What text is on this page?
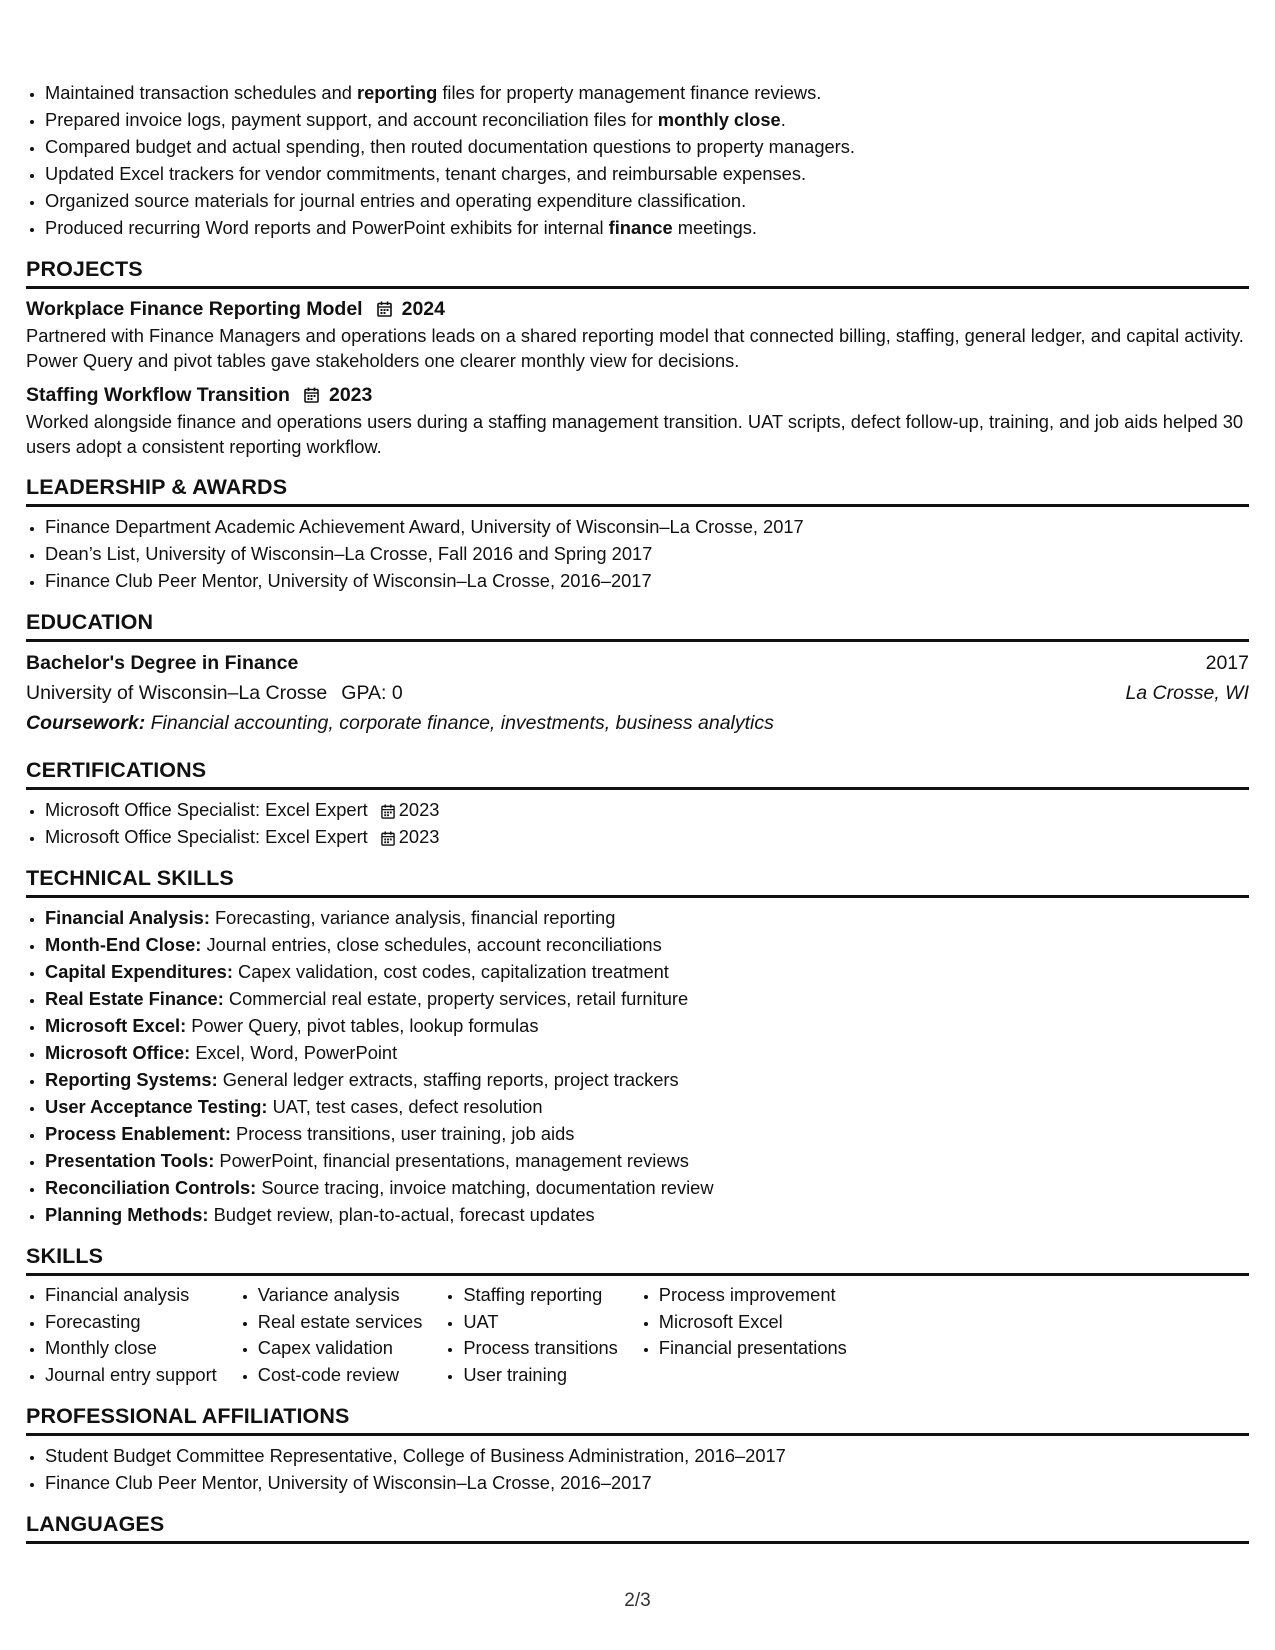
• Maintained transaction schedules and reporting files for property management finance reviews.
• Prepared invoice logs, payment support, and account reconciliation files for monthly close.
• Compared budget and actual spending, then routed documentation questions to property managers.
• Updated Excel trackers for vendor commitments, tenant charges, and reimbursable expenses.
• Organized source materials for journal entries and operating expenditure classification.
• Produced recurring Word reports and PowerPoint exhibits for internal finance meetings.
PROJECTS
Workplace Finance Reporting Model 2024
Partnered with Finance Managers and operations leads on a shared reporting model that connected billing, staffing, general ledger, and capital activity. Power Query and pivot tables gave stakeholders one clearer monthly view for decisions.
Staffing Workflow Transition 2023
Worked alongside finance and operations users during a staffing management transition. UAT scripts, defect follow-up, training, and job aids helped 30 users adopt a consistent reporting workflow.
LEADERSHIP & AWARDS
• Finance Department Academic Achievement Award, University of Wisconsin–La Crosse, 2017
• Dean’s List, University of Wisconsin–La Crosse, Fall 2016 and Spring 2017
• Finance Club Peer Mentor, University of Wisconsin–La Crosse, 2016–2017
EDUCATION
Bachelor's Degree in Finance	2017
University of Wisconsin–La Crosse GPA: 0	La Crosse, WI
Coursework: Financial accounting, corporate finance, investments, business analytics
CERTIFICATIONS
• Microsoft Office Specialist: Excel Expert 2023
• Microsoft Office Specialist: Excel Expert 2023
TECHNICAL SKILLS
• Financial Analysis: Forecasting, variance analysis, financial reporting
• Month-End Close: Journal entries, close schedules, account reconciliations
• Capital Expenditures: Capex validation, cost codes, capitalization treatment
• Real Estate Finance: Commercial real estate, property services, retail furniture
• Microsoft Excel: Power Query, pivot tables, lookup formulas
• Microsoft Office: Excel, Word, PowerPoint
• Reporting Systems: General ledger extracts, staffing reports, project trackers
• User Acceptance Testing: UAT, test cases, defect resolution
• Process Enablement: Process transitions, user training, job aids
• Presentation Tools: PowerPoint, financial presentations, management reviews
• Reconciliation Controls: Source tracing, invoice matching, documentation review
• Planning Methods: Budget review, plan-to-actual, forecast updates
SKILLS
• Financial analysis
• Forecasting
• Monthly close
• Journal entry support
• Variance analysis
• Real estate services
• Capex validation
• Cost-code review
• Staffing reporting
• UAT
• Process transitions
• User training
• Process improvement
• Microsoft Excel
• Financial presentations
PROFESSIONAL AFFILIATIONS
• Student Budget Committee Representative, College of Business Administration, 2016–2017
• Finance Club Peer Mentor, University of Wisconsin–La Crosse, 2016–2017
LANGUAGES
2/3
